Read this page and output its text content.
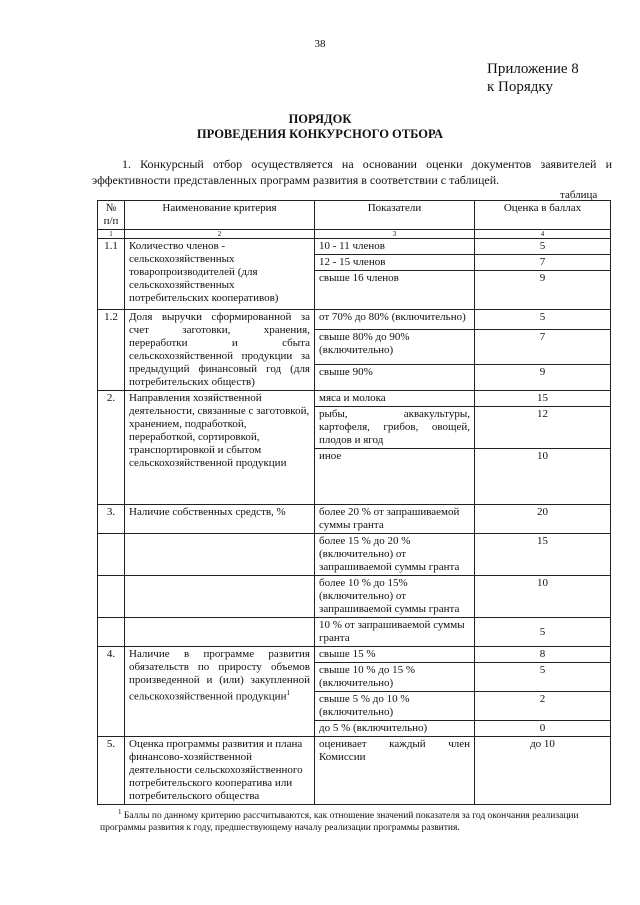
38
Приложение 8
к Порядку
ПОРЯДОК
ПРОВЕДЕНИЯ КОНКУРСНОГО ОТБОРА
1. Конкурсный отбор осуществляется на основании оценки документов заявителей и эффективности представленных программ развития в соответствии с таблицей.
таблица
№ п/п	Наименование критерия	Показатели	Оценка в баллах
1	2	3	4
1.1	Количество членов - сельскохозяйственных товаропроизводителей (для сельскохозяйственных потребительских кооперативов)	10 - 11 членов	5
		12 - 15 членов	7
		свыше 16 членов	9
1.2	Доля выручки сформированной за счет заготовки, хранения, переработки и сбыта сельскохозяйственной продукции за предыдущий финансовый год (для потребительских обществ)	от 70% до 80% (включительно)	5
		свыше 80% до 90% (включительно)	7
		свыше 90%	9
2.	Направления хозяйственной деятельности, связанные с заготовкой, хранением, подработкой, переработкой, сортировкой, транспортировкой и сбытом сельскохозяйственной продукции	мяса и молока	15
		рыбы, аквакультуры, картофеля, грибов, овощей, плодов и ягод	12
		иное	10
3.	Наличие собственных средств, %	более 20 % от запрашиваемой суммы гранта	20
		более 15 % до 20 % (включительно) от запрашиваемой суммы гранта	15
		более 10 % до 15% (включительно) от запрашиваемой суммы гранта	10
		10 % от запрашиваемой суммы гранта	5
4.	Наличие в программе развития обязательств по приросту объемов произведенной и (или) закупленной сельскохозяйственной продукции$^1$	свыше 15 %	8
		свыше 10 % до 15 % (включительно)	5
		свыше 5 % до 10 % (включительно)	2
		до 5 % (включительно)	0
5.	Оценка программы развития и плана финансово-хозяйственной деятельности сельскохозяйственного потребительского кооператива или потребительского общества	оценивает каждый член Комиссии	до 10
$^1$ Баллы по данному критерию рассчитываются, как отношение значений показателя за год окончания реализации программы развития к году, предшествующему началу реализации программы развития.
